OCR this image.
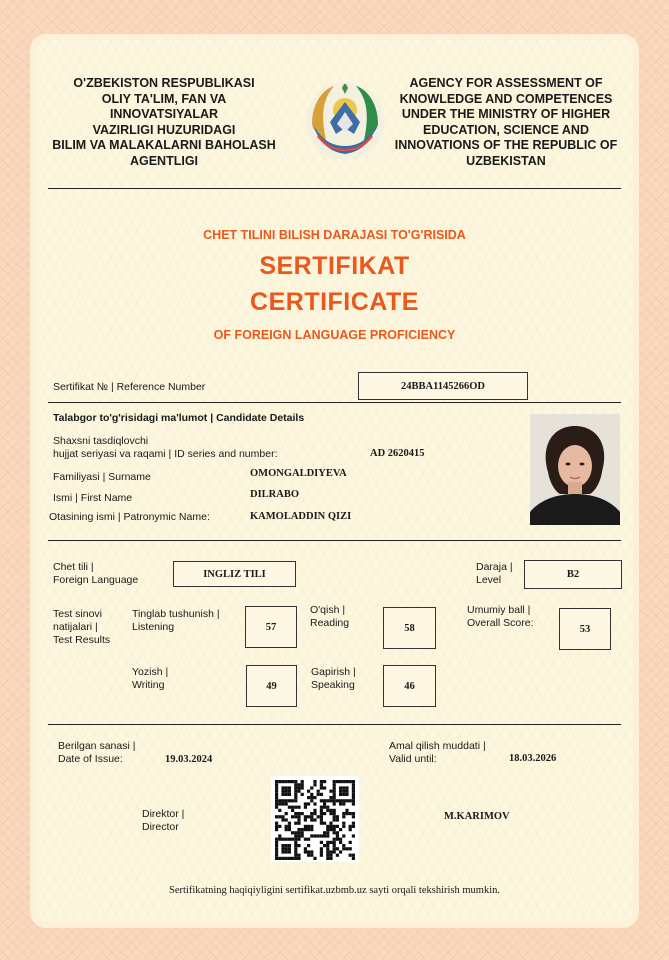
O'ZBEKISTON RESPUBLIKASI
OLIY TA'LIM, FAN VA INNOVATSIYALAR
VAZIRLIGI HUZURIDAGI
BILIM VA MALAKALARNI BAHOLASH
AGENTLIGI
AGENCY FOR ASSESSMENT OF
KNOWLEDGE AND COMPETENCES
UNDER THE MINISTRY OF HIGHER
EDUCATION, SCIENCE AND
INNOVATIONS OF THE REPUBLIC OF
UZBEKISTAN
CHET TILINI BILISH DARAJASI TO'G'RISIDA
SERTIFIKAT
CERTIFICATE
OF FOREIGN LANGUAGE PROFICIENCY
Sertifikat № | Reference Number	24BBA1145266OD
Talabgor to'g'risidagi ma'lumot | Candidate Details
Shaxsni tasdiqlovchi
hujjat seriyasi va raqami | ID series and number:	AD 2620415
Familiyasi | Surname	OMONGALDIYEVA
Ismi | First Name	DILRABO
Otasining ismi | Patronymic Name:	KAMOLADDIN QIZI
Chet tili |
Foreign Language	INGLIZ TILI
Daraja |
Level	B2
Test sinovi
natijalari |
Test Results
Tinglab tushunish |
Listening	57
O'qish |
Reading	58
Umumiy ball |
Overall Score:	53
Yozish |
Writing	49
Gapirish |
Speaking	46
Berilgan sanasi |
Date of Issue:	19.03.2024
Amal qilish muddati |
Valid until:	18.03.2026
Direktor |
Director
M.KARIMOV
Sertifikatning haqiqiyligini sertifikat.uzbmb.uz sayti orqali tekshirish mumkin.
